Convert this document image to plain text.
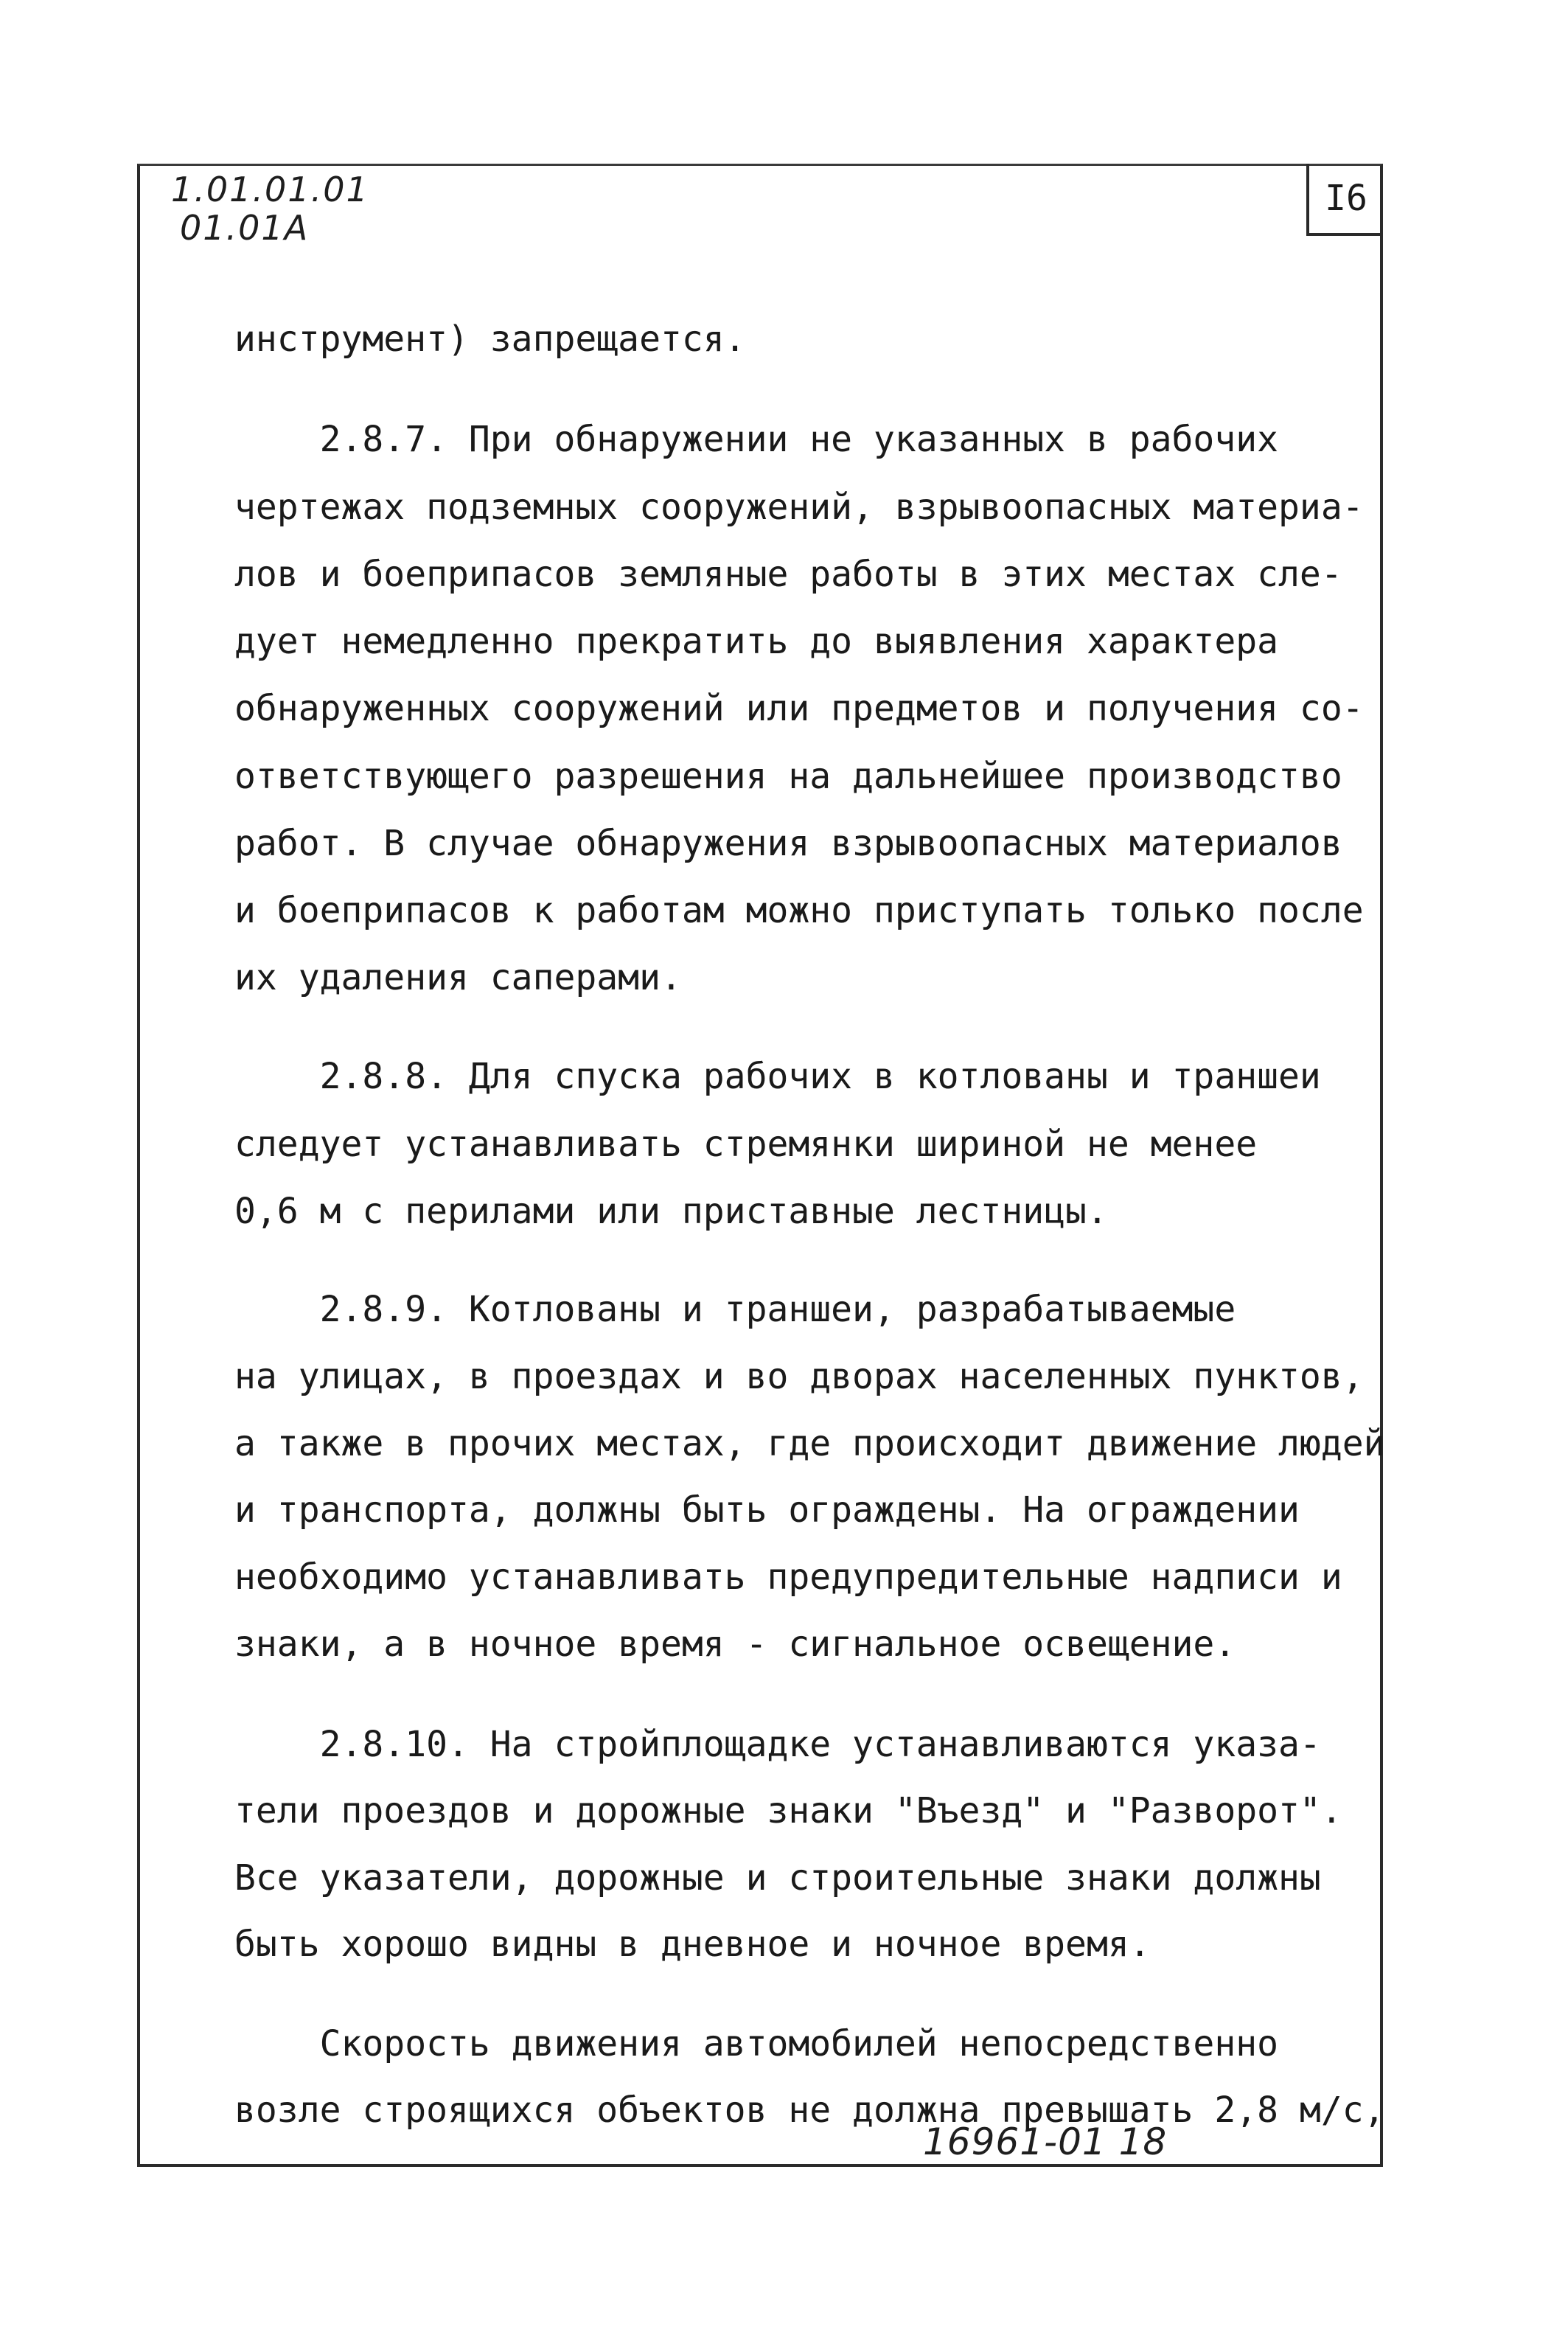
1.01.01.01
01.01A
I6

инструмент) запрещается.

2.8.7. При обнаружении не указанных в рабочих

чертежах подземных сооружений, взрывоопасных материа-

лов и боеприпасов земляные работы в этих местах сле-

дует немедленно прекратить до выявления характера

обнаруженных сооружений или предметов и получения со-

ответствующего разрешения на дальнейшее производство

работ. В случае обнаружения взрывоопасных материалов

и боеприпасов к работам можно приступать только после

их удаления саперами.

2.8.8. Для спуска рабочих в котлованы и траншеи

следует устанавливать стремянки шириной не менее

0,6 м с перилами или приставные лестницы.

2.8.9. Котлованы и траншеи, разрабатываемые

на улицах, в проездах и во дворах населенных пунктов,

а также в прочих местах, где происходит движение людей

и транспорта, должны быть ограждены. На ограждении

необходимо устанавливать предупредительные надписи и

знаки, а в ночное время - сигнальное освещение.

2.8.10. На стройплощадке устанавливаются указа-

тели проездов и дорожные знаки "Въезд" и "Разворот".

Все указатели, дорожные и строительные знаки должны

быть хорошо видны в дневное и ночное время.

Скорость движения автомобилей непосредственно

возле строящихся объектов не должна превышать 2,8 м/с,

16961-01 18
